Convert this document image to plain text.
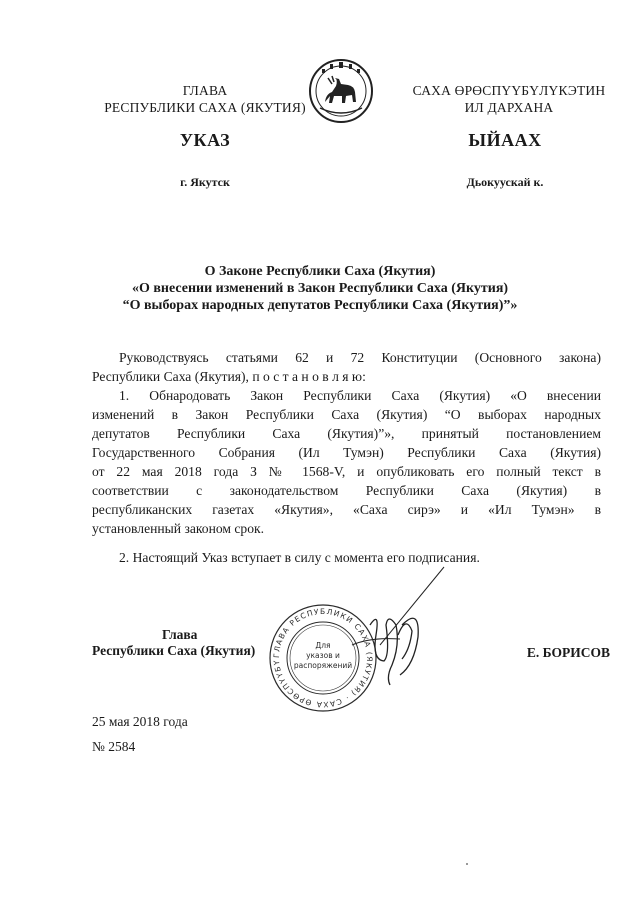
ГЛАВА
РЕСПУБЛИКИ САХА (ЯКУТИЯ)
САХА ӨРӨСПҮҮБҮЛҮКЭТИН
ИЛ ДАРХАНА
УКАЗ	ЫЙААХ
г. Якутск	Дьокуускай к.
О Законе Республики Саха (Якутия)
«О внесении изменений в Закон Республики Саха (Якутия)
“О выборах народных депутатов Республики Саха (Якутия)”»
Руководствуясь статьями 62 и 72 Конституции (Основного закона)
Республики Саха (Якутия), п о с т а н о в л я ю:
1. Обнародовать Закон Республики Саха (Якутия) «О внесении
изменений в Закон Республики Саха (Якутия) “О выборах народных
депутатов Республики Саха (Якутия)”», принятый постановлением
Государственного Собрания (Ил Тумэн) Республики Саха (Якутия)
от 22 мая 2018 года З № 1568-V, и опубликовать его полный текст в
соответствии с законодательством Республики Саха (Якутия) в
республиканских газетах «Якутия», «Саха сирэ» и «Ил Тумэн» в
установленный законом срок.
2. Настоящий Указ вступает в силу с момента его подписания.
Глава
Республики Саха (Якутия)	ГЛАВА РЕСПУБЛИКИ САХА (ЯКУТИЯ) · САХА ӨРӨСПҮҮБҮ
Для
указов и
распоряжений
Е. БОРИСОВ
25 мая 2018 года
№ 2584
